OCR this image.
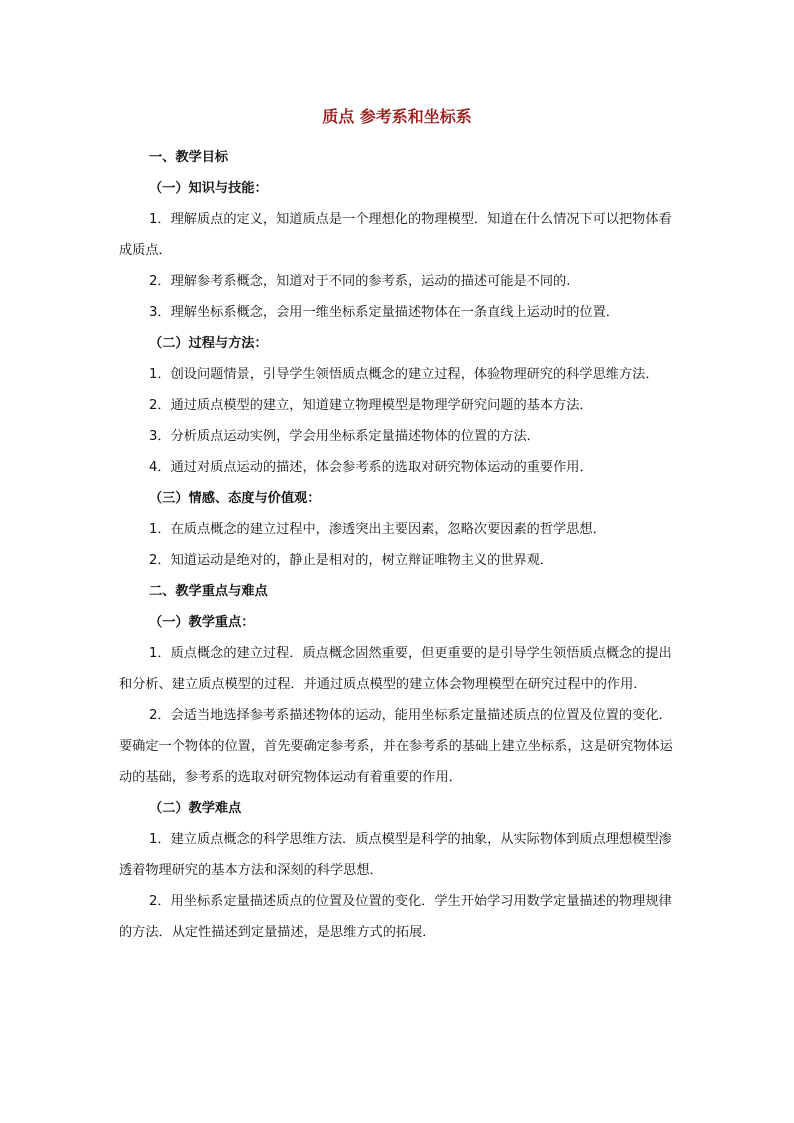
质点 参考系和坐标系

一、教学目标

（一）知识与技能：

1．理解质点的定义，知道质点是一个理想化的物理模型．知道在什么情况下可以把物体看成质点．

2．理解参考系概念，知道对于不同的参考系，运动的描述可能是不同的.

3．理解坐标系概念，会用一维坐标系定量描述物体在一条直线上运动时的位置．

（二）过程与方法：

1．创设问题情景，引导学生领悟质点概念的建立过程，体验物理研究的科学思维方法．

2．通过质点模型的建立，知道建立物理模型是物理学研究问题的基本方法．

3．分析质点运动实例，学会用坐标系定量描述物体的位置的方法．

4．通过对质点运动的描述，体会参考系的选取对研究物体运动的重要作用．

（三）情感、态度与价值观：

1．在质点概念的建立过程中，渗透突出主要因素，忽略次要因素的哲学思想．

2．知道运动是绝对的，静止是相对的，树立辩证唯物主义的世界观．

二、教学重点与难点

（一）教学重点：

1．质点概念的建立过程．质点概念固然重要，但更重要的是引导学生领悟质点概念的提出和分析、建立质点模型的过程．并通过质点模型的建立体会物理模型在研究过程中的作用．

2．会适当地选择参考系描述物体的运动，能用坐标系定量描述质点的位置及位置的变化．要确定一个物体的位置，首先要确定参考系，并在参考系的基础上建立坐标系，这是研究物体运动的基础，参考系的选取对研究物体运动有着重要的作用．

（二）教学难点

1．建立质点概念的科学思维方法．质点模型是科学的抽象，从实际物体到质点理想模型渗透着物理研究的基本方法和深刻的科学思想．

2．用坐标系定量描述质点的位置及位置的变化．学生开始学习用数学定量描述的物理规律的方法．从定性描述到定量描述，是思维方式的拓展．
